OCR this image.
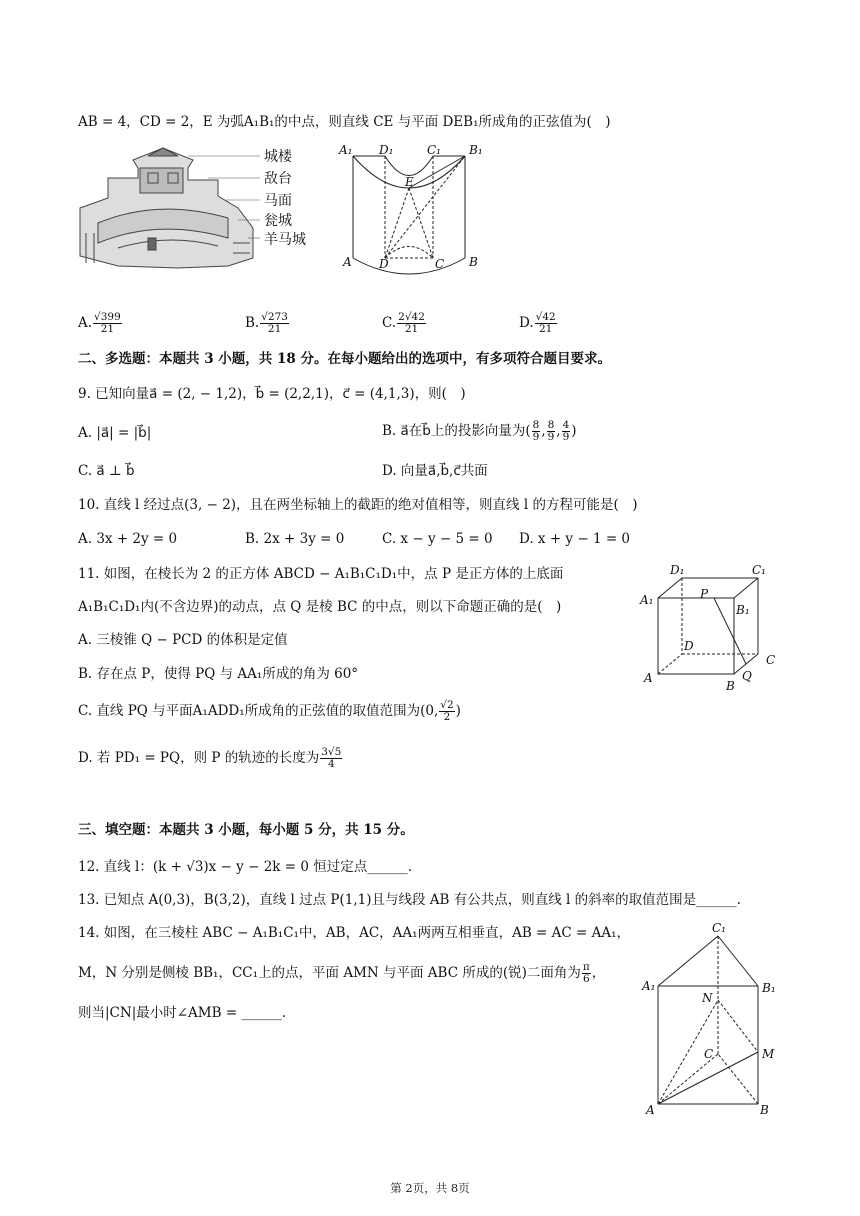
AB = 4，CD = 2，E 为弧A₁B₁的中点，则直线 CE 与平面 DEB₁所成角的正弦值为(　)
城楼
敌台
马面
瓮城
羊马城
A₁ D₁	C₁ B₁
E
A D	C B
A. $\frac{√399}{21}$	B. $\frac{√273}{21}$	C. $\frac{2√42}{21}$	D. $\frac{√42}{21}$
二、多选题：本题共 3 小题，共 18 分。在每小题给出的选项中，有多项符合题目要求。
9. 已知向量a⃗ = (2, − 1,2)，b⃗ = (2,2,1)，c⃗ = (4,1,3)，则(　)
A. |a⃗| = |b⃗|	B. a⃗在b⃗上的投影向量为( $\frac{8}{9}$ , $\frac{8}{9}$ , $\frac{4}{9}$ )
C. a⃗ ⊥ b⃗	D. 向量a⃗,b⃗,c⃗共面
10. 直线 l 经过点(3, − 2)，且在两坐标轴上的截距的绝对值相等，则直线 l 的方程可能是(　)
A. 3x + 2y = 0	B. 2x + 3y = 0	C. x − y − 5 = 0 D. x + y − 1 = 0
11. 如图，在棱长为 2 的正方体 ABCD − A₁B₁C₁D₁中，点 P 是正方体的上底面
A₁B₁C₁D₁内(不含边界)的动点，点 Q 是棱 BC 的中点，则以下命题正确的是(　)
A. 三棱锥 Q − PCD 的体积是定值
B. 存在点 P，使得 PQ 与 AA₁所成的角为 60°
C. 直线 PQ 与平面A₁ADD₁所成角的正弦值的取值范围为(0, $\frac{√2}{2}$ )
D. 若 PD₁ = PQ，则 P 的轨迹的长度为 $\frac{3√5}{4}$
D₁	C₁
A₁	P
B₁
D
C
A
B
Q
三、填空题：本题共 3 小题，每小题 5 分，共 15 分。
12. 直线 l：(k + √3)x − y − 2k = 0 恒过定点______.
13. 已知点 A(0,3)，B(3,2)，直线 l 过点 P(1,1)且与线段 AB 有公共点，则直线 l 的斜率的取值范围是______.
14. 如图，在三棱柱 ABC − A₁B₁C₁中，AB，AC，AA₁两两互相垂直，AB = AC = AA₁，
M，N 分别是侧棱 BB₁，CC₁上的点，平面 AMN 与平面 ABC 所成的(锐)二面角为 $\frac{\pi}{6}$ ，
则当|CN|最小时∠AMB = ______.
C₁
A₁	B₁
N
M
C
A	B
第 2页，共 8页
